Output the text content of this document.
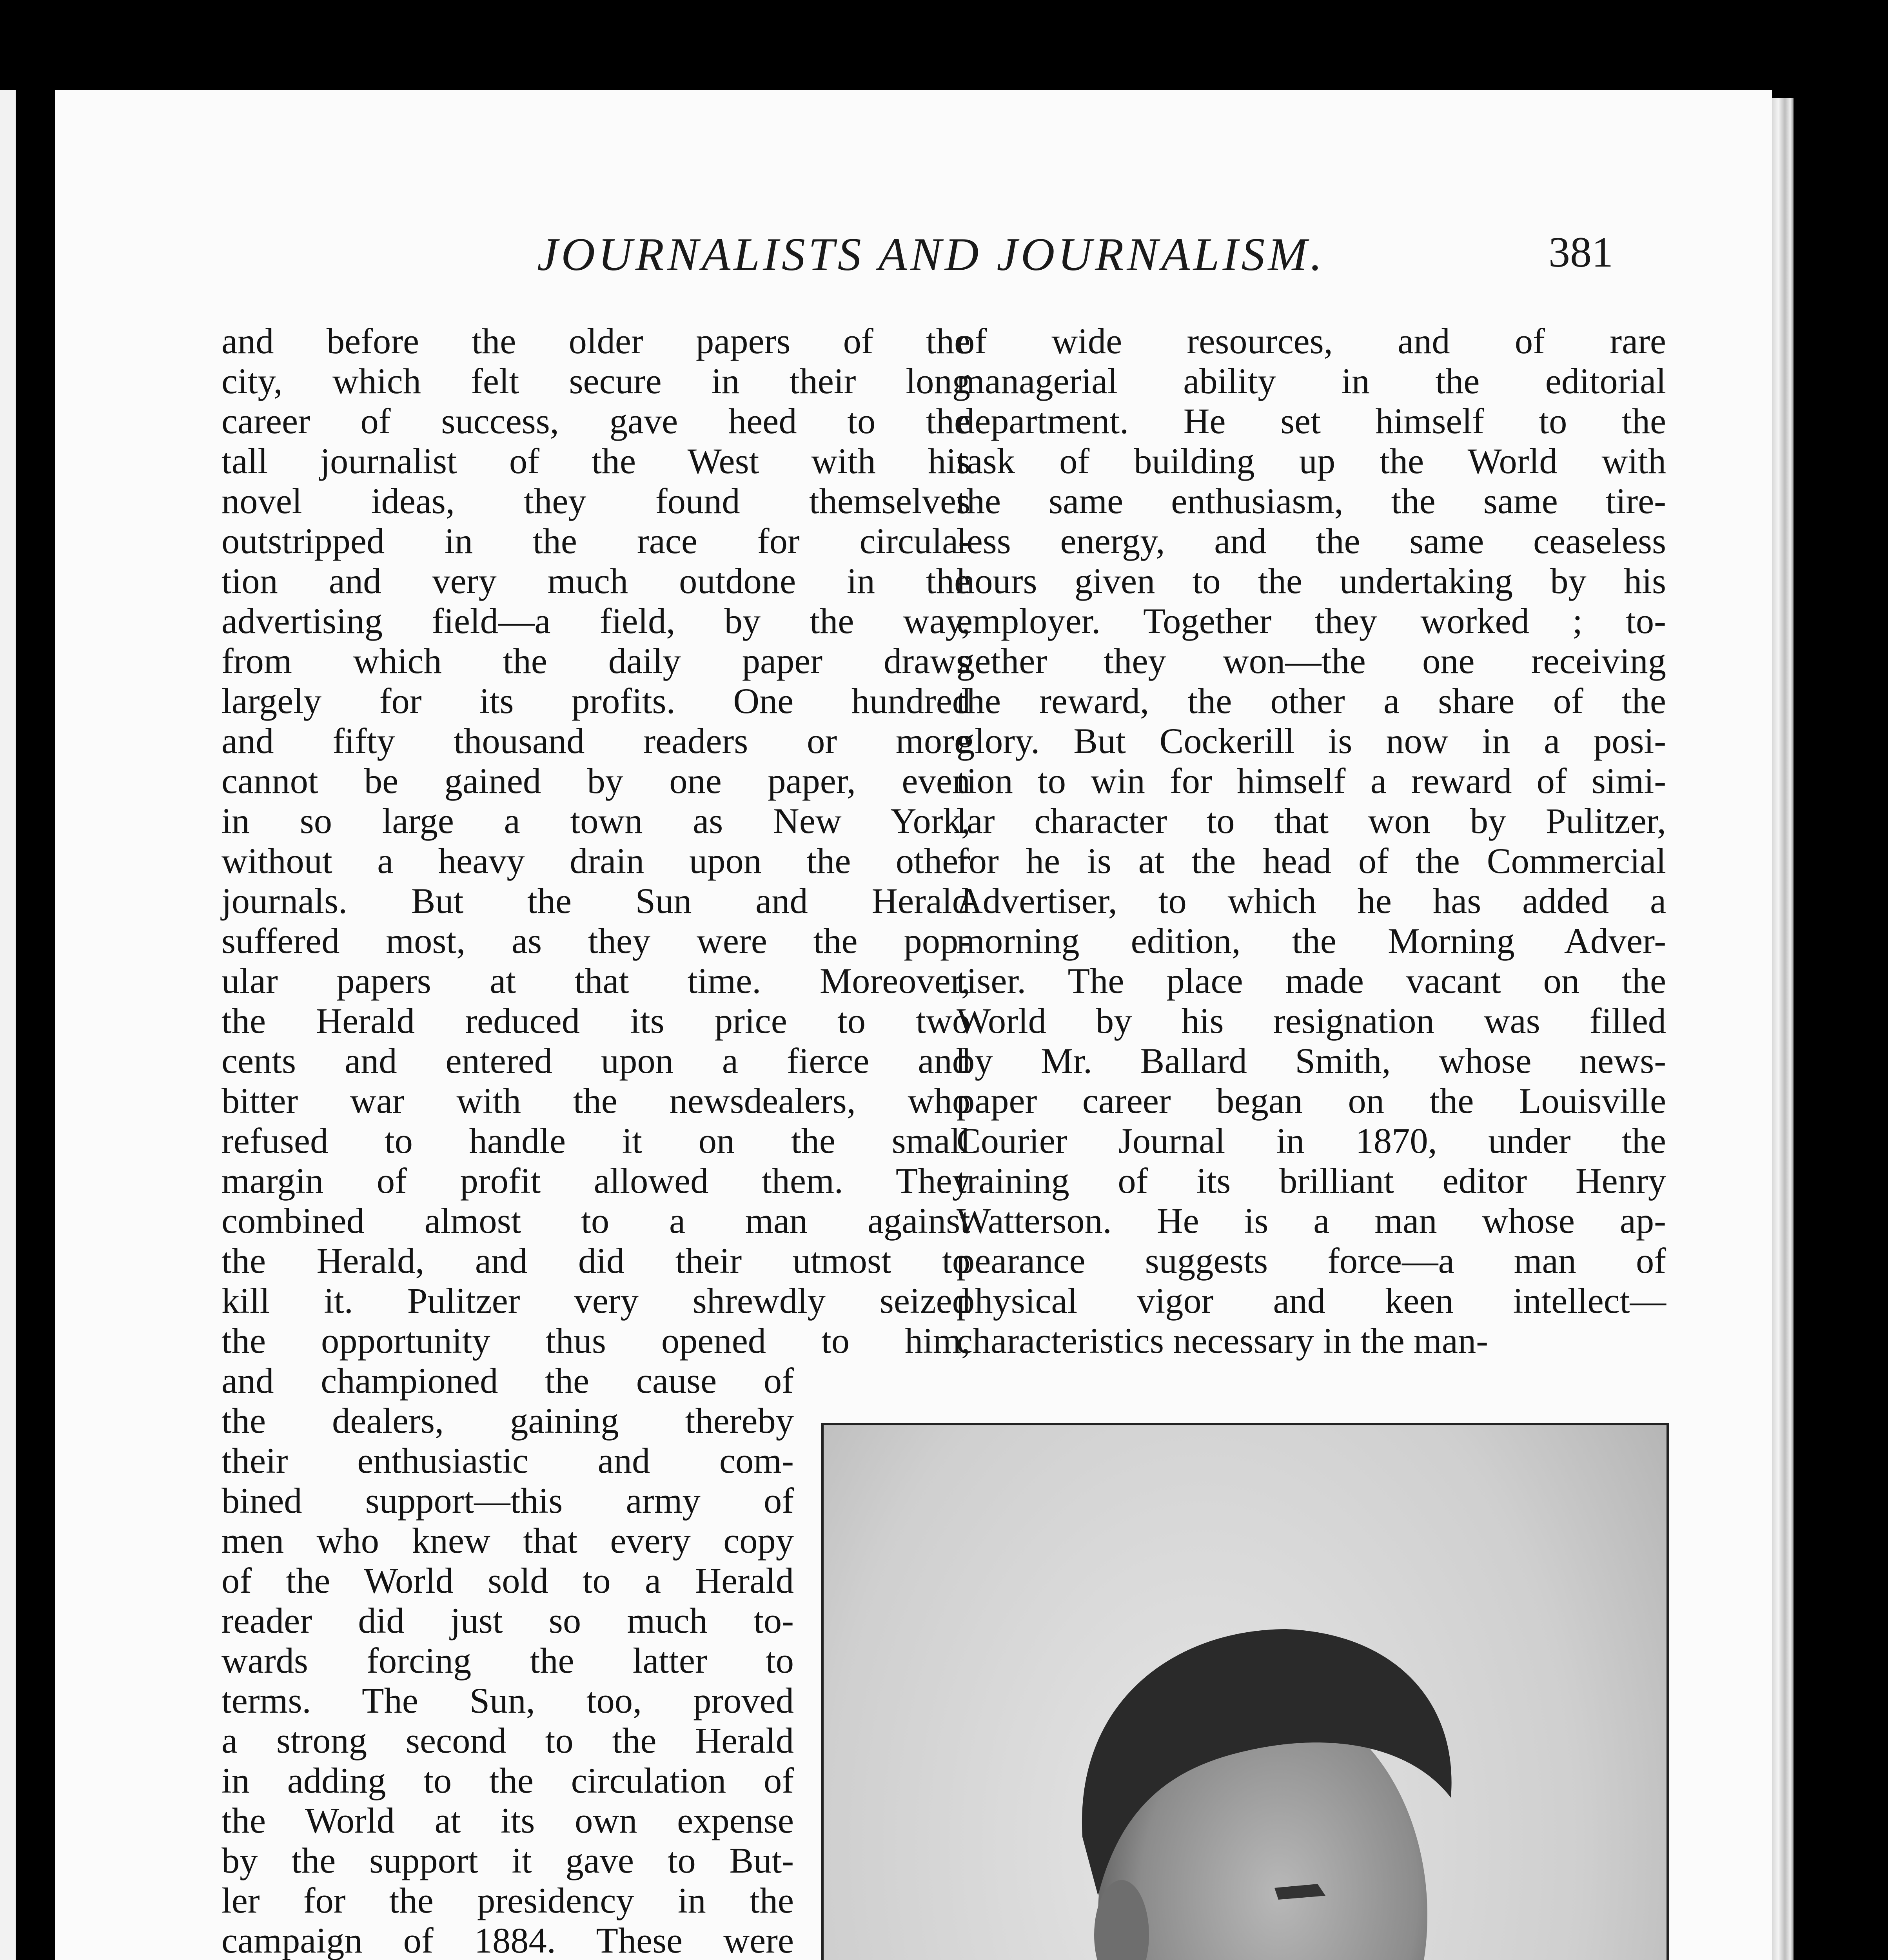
JOURNALISTS AND JOURNALISM.	381

and before the older papers of the
city, which felt secure in their long
career of success, gave heed to the
tall journalist of the West with his
novel ideas, they found themselves
outstripped in the race for circula-
tion and very much outdone in the
advertising field—a field, by the way,
from which the daily paper draws
largely for its profits. One hundred
and fifty thousand readers or more
cannot be gained by one paper, even
in so large a town as New York,
without a heavy drain upon the other
journals. But the Sun and Herald
suffered most, as they were the pop-
ular papers at that time. Moreover,
the Herald reduced its price to two
cents and entered upon a fierce and
bitter war with the newsdealers, who
refused to handle it on the small
margin of profit allowed them. They
combined almost to a man against
the Herald, and did their utmost to
kill it. Pulitzer very shrewdly seized
the opportunity thus opened to him,
and championed the cause of
the dealers, gaining thereby
their enthusiastic and com-
bined support—this army of
men who knew that every copy
of the World sold to a Herald
reader did just so much to-
wards forcing the latter to
terms. The Sun, too, proved
a strong second to the Herald
in adding to the circulation of
the World at its own expense
by the support it gave to But-
ler for the presidency in the
campaign of 1884. These were

of wide resources, and of rare
managerial ability in the editorial
department. He set himself to the
task of building up the World with
the same enthusiasm, the same tire-
less energy, and the same ceaseless
hours given to the undertaking by his
employer. Together they worked ; to-
gether they won—the one receiving
the reward, the other a share of the
glory. But Cockerill is now in a posi-
tion to win for himself a reward of simi-
lar character to that won by Pulitzer,
for he is at the head of the Commercial
Advertiser, to which he has added a
morning edition, the Morning Adver-
tiser. The place made vacant on the
World by his resignation was filled
by Mr. Ballard Smith, whose news-
paper career began on the Louisville
Courier Journal in 1870, under the
training of its brilliant editor Henry
Watterson. He is a man whose ap-
pearance suggests force—a man of
physical vigor and keen intellect—
characteristics necessary in the man-
